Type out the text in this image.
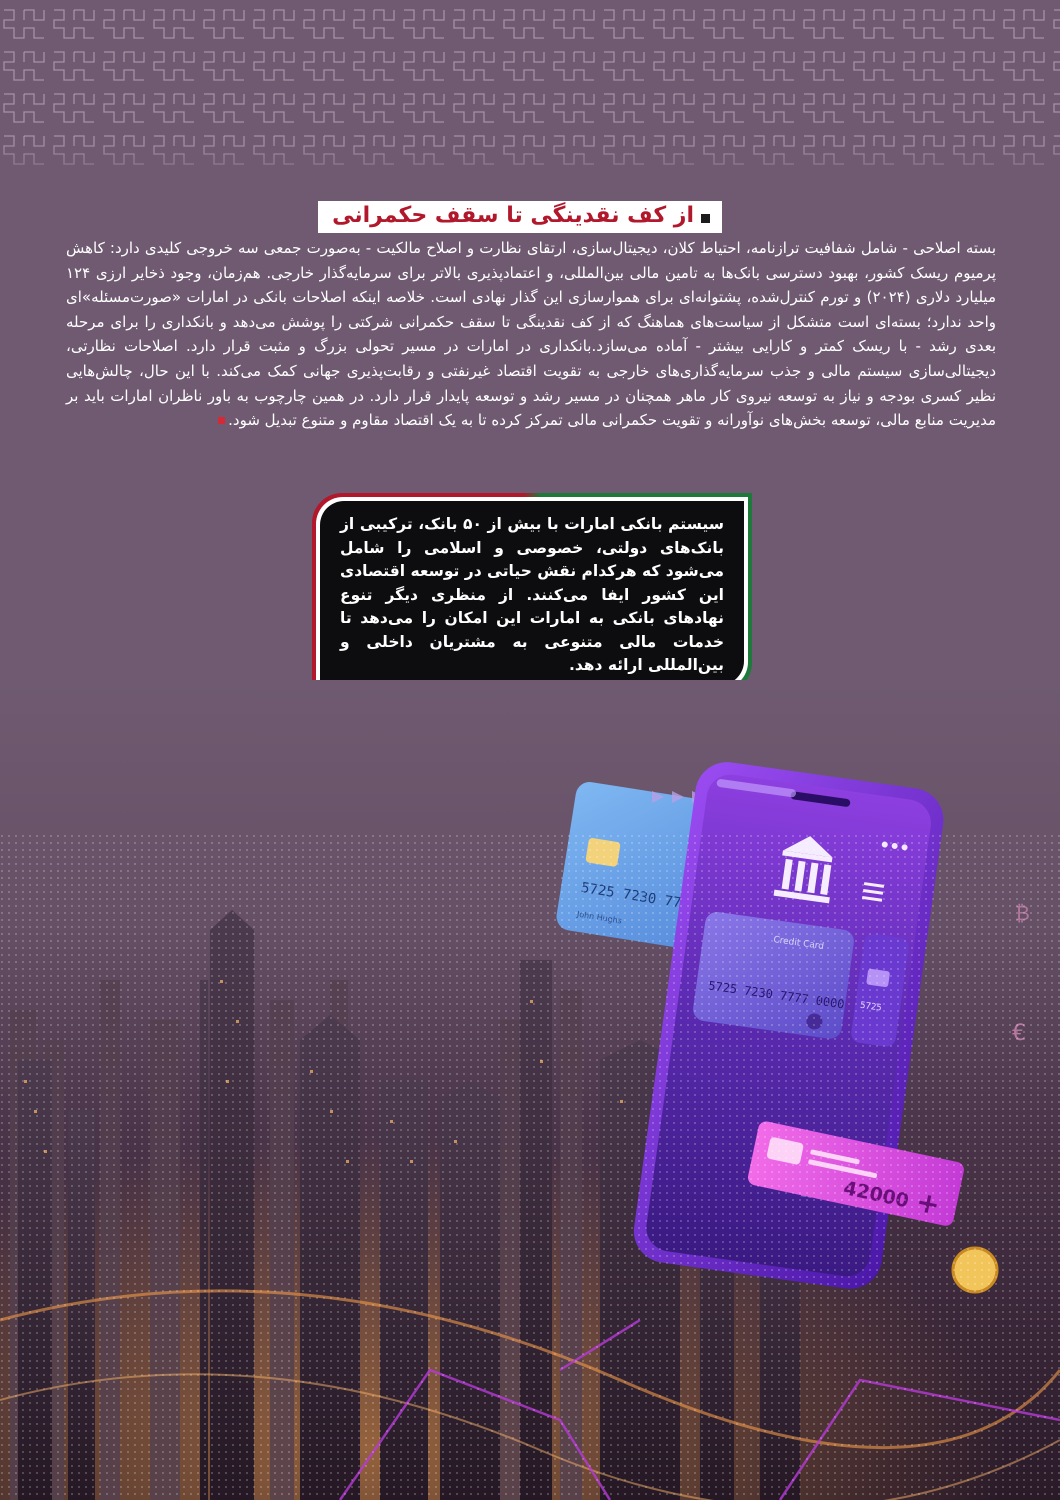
از کف نقدینگی تا سقف حکمرانی
بسته اصلاحی - شامل شفافیت ترازنامه، احتیاط کلان، دیجیتال‌سازی، ارتقای نظارت و اصلاح مالکیت - به‌صورت جمعی سه خروجی کلیدی دارد: کاهش پرمیوم ریسک کشور، بهبود دسترسی بانک‌ها به تامین مالی بین‌المللی، و اعتمادپذیری بالاتر برای سرمایه‌گذار خارجی. هم‌زمان، وجود ذخایر ارزی ۱۲۴ میلیارد دلاری (۲۰۲۴) و تورم کنترل‌شده، پشتوانه‌ای برای هموارسازی این گذار نهادی است. خلاصه اینکه اصلاحات بانکی در امارات «صورت‌مسئله»ای واحد ندارد؛ بسته‌ای است متشکل از سیاست‌های هماهنگ که از کف نقدینگی تا سقف حکمرانی شرکتی را پوشش می‌دهد و بانکداری را برای مرحله بعدی رشد - با ریسک کمتر و کارایی بیشتر - آماده می‌سازد.بانکداری در امارات در مسیر تحولی بزرگ و مثبت قرار دارد. اصلاحات نظارتی، دیجیتالی‌سازی سیستم مالی و جذب سرمایه‌گذاری‌های خارجی به تقویت اقتصاد غیرنفتی و رقابت‌پذیری جهانی کمک می‌کند. با این حال، چالش‌هایی نظیر کسری بودجه و نیاز به توسعه نیروی کار ماهر همچنان در مسیر رشد و توسعه پایدار قرار دارد. در همین چارچوب به باور ناظران امارات باید بر مدیریت منابع مالی، توسعه بخش‌های نوآورانه و تقویت حکمرانی مالی تمرکز کرده تا به یک اقتصاد مقاوم و متنوع تبدیل شود.

سیستم بانکی امارات با بیش از ۵۰ بانک، ترکیبی از بانک‌های دولتی، خصوصی و اسلامی را شامل می‌شود که هرکدام نقش حیاتی در توسعه اقتصادی این کشور ایفا می‌کنند. از منظری دیگر تنوع نهادهای بانکی به امارات این امکان را می‌دهد تا خدمات مالی متنوعی به مشتریان داخلی و بین‌المللی ارائه دهد.
